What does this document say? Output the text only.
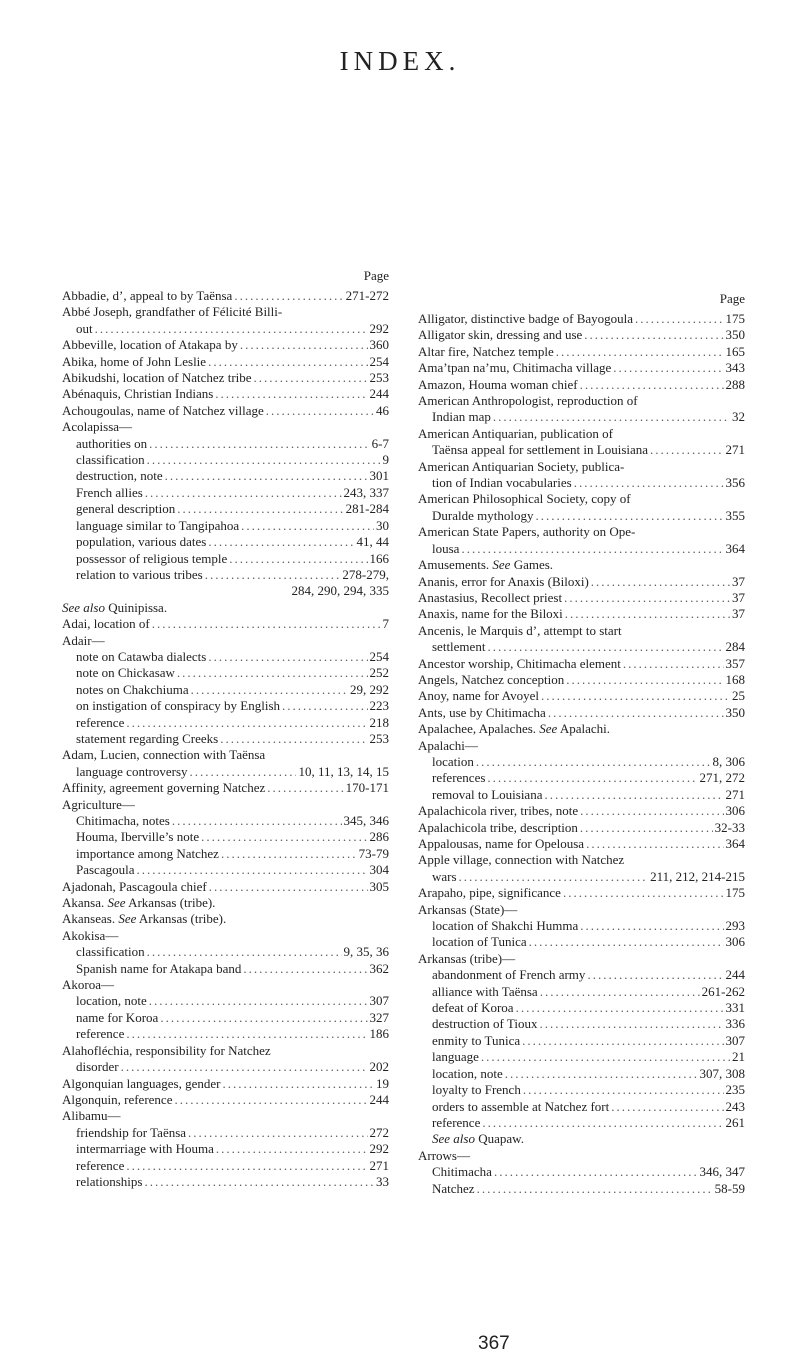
INDEX.
Page
Abbadie, d’, appeal to by Taënsa .....	271-272
Abbé Joseph, grandfather of Félicité Billi-
out .....	292
Abbeville, location of Atakapa by .....	360
Abika, home of John Leslie .....	254
Abikudshi, location of Natchez tribe .....	253
Abénaquis, Christian Indians .....	244
Achougoulas, name of Natchez village .....	46
Acolapissa—
authorities on .....	6-7
classification .....	9
destruction, note .....	301
French allies .....	243, 337
general description .....	281-284
language similar to Tangipahoa .....	30
population, various dates .....	41, 44
possessor of religious temple .....	166
relation to various tribes .....	278-279,
284, 290, 294, 335
See also Quinipissa.
Adai, location of .....	7
Adair—
note on Catawba dialects .....	254
note on Chickasaw .....	252
notes on Chakchiuma .....	29, 292
on instigation of conspiracy by English .....	223
reference .....	218
statement regarding Creeks .....	253
Adam, Lucien, connection with Taënsa
language controversy .....	10, 11, 13, 14, 15
Affinity, agreement governing Natchez .....	170-171
Agriculture—
Chitimacha, notes .....	345, 346
Houma, Iberville’s note .....	286
importance among Natchez .....	73-79
Pascagoula .....	304
Ajadonah, Pascagoula chief .....	305
Akansa. See Arkansas (tribe).
Akanseas. See Arkansas (tribe).
Akokisa—
classification .....	9, 35, 36
Spanish name for Atakapa band .....	362
Akoroa—
location, note .....	307
name for Koroa .....	327
reference .....	186
Alahofléchia, responsibility for Natchez
disorder .....	202
Algonquian languages, gender .....	19
Algonquin, reference .....	244
Alibamu—
friendship for Taënsa .....	272
intermarriage with Houma .....	292
reference .....	271
relationships .....	33
Page
Alligator, distinctive badge of Bayogoula .....	175
Alligator skin, dressing and use .....	350
Altar fire, Natchez temple .....	165
Ama’tpan na’mu, Chitimacha village .....	343
Amazon, Houma woman chief .....	288
American Anthropologist, reproduction of
Indian map .....	32
American Antiquarian, publication of
Taënsa appeal for settlement in Louisiana .....	271
American Antiquarian Society, publica-
tion of Indian vocabularies .....	356
American Philosophical Society, copy of
Duralde mythology .....	355
American State Papers, authority on Ope-
lousa .....	364
Amusements. See Games.
Ananis, error for Anaxis (Biloxi) .....	37
Anastasius, Recollect priest .....	37
Anaxis, name for the Biloxi .....	37
Ancenis, le Marquis d’, attempt to start
settlement .....	284
Ancestor worship, Chitimacha element .....	357
Angels, Natchez conception .....	168
Anoy, name for Avoyel .....	25
Ants, use by Chitimacha .....	350
Apalachee, Apalaches. See Apalachi.
Apalachi—
location .....	8, 306
references .....	271, 272
removal to Louisiana .....	271
Apalachicola river, tribes, note .....	306
Apalachicola tribe, description .....	32-33
Appalousas, name for Opelousa .....	364
Apple village, connection with Natchez
wars .....	211, 212, 214-215
Arapaho, pipe, significance .....	175
Arkansas (State)—
location of Shakchi Humma .....	293
location of Tunica .....	306
Arkansas (tribe)—
abandonment of French army .....	244
alliance with Taënsa .....	261-262
defeat of Koroa .....	331
destruction of Tioux .....	336
enmity to Tunica .....	307
language .....	21
location, note .....	307, 308
loyalty to French .....	235
orders to assemble at Natchez fort .....	243
reference .....	261
See also Quapaw.
Arrows—
Chitimacha .....	346, 347
Natchez .....	58-59
367
